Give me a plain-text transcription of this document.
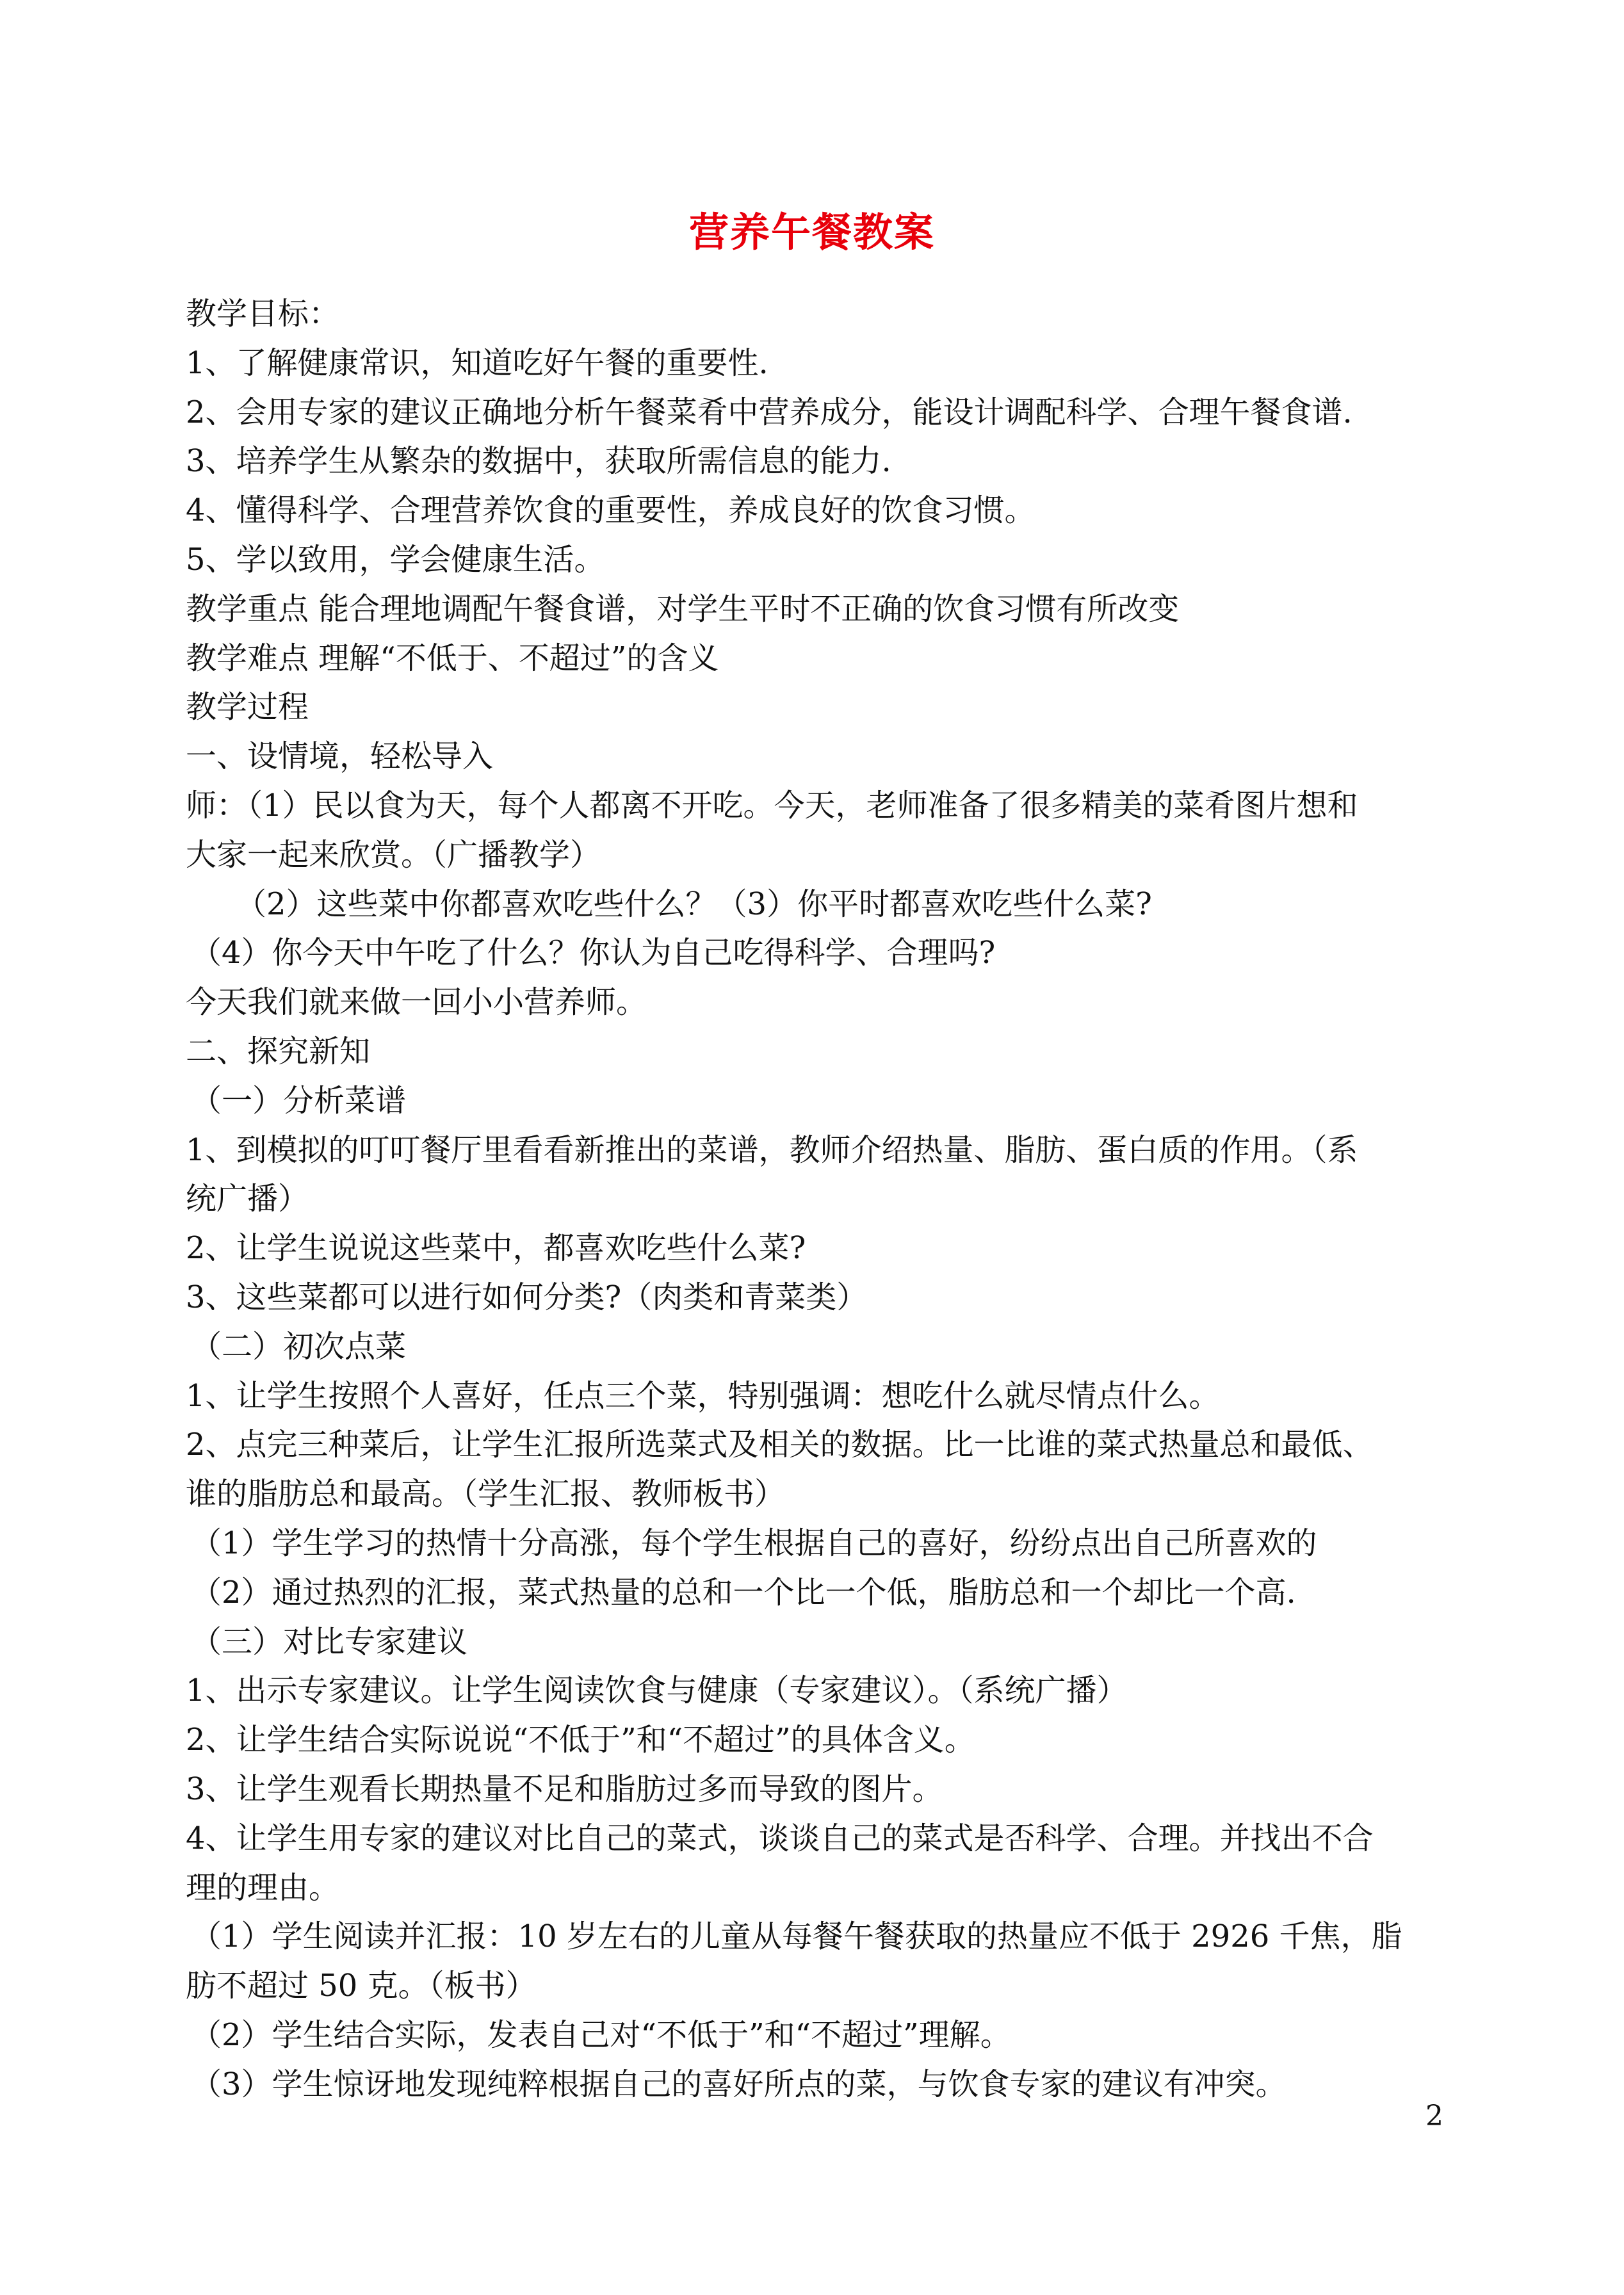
营养午餐教案
教学目标：
1、了解健康常识，知道吃好午餐的重要性.
2、会用专家的建议正确地分析午餐菜肴中营养成分，能设计调配科学、合理午餐食谱.
3、培养学生从繁杂的数据中，获取所需信息的能力.
4、懂得科学、合理营养饮食的重要性，养成良好的饮食习惯。
5、学以致用，学会健康生活。
教学重点 能合理地调配午餐食谱，对学生平时不正确的饮食习惯有所改变
教学难点 理解“不低于、不超过”的含义
教学过程
一、设情境，轻松导入
师：（1）民以食为天，每个人都离不开吃。今天，老师准备了很多精美的菜肴图片想和
大家一起来欣赏。（广播教学）
（2）这些菜中你都喜欢吃些什么？（3）你平时都喜欢吃些什么菜?
（4）你今天中午吃了什么？你认为自己吃得科学、合理吗?
今天我们就来做一回小小营养师。
二、探究新知
（一）分析菜谱
1、到模拟的叮叮餐厅里看看新推出的菜谱，教师介绍热量、脂肪、蛋白质的作用。（系
统广播）
2、让学生说说这些菜中，都喜欢吃些什么菜?
3、这些菜都可以进行如何分类?（肉类和青菜类）
（二）初次点菜
1、让学生按照个人喜好，任点三个菜，特别强调：想吃什么就尽情点什么。
2、点完三种菜后，让学生汇报所选菜式及相关的数据。比一比谁的菜式热量总和最低、
谁的脂肪总和最高。（学生汇报、教师板书）
（1）学生学习的热情十分高涨，每个学生根据自己的喜好，纷纷点出自己所喜欢的
（2）通过热烈的汇报，菜式热量的总和一个比一个低，脂肪总和一个却比一个高.
（三）对比专家建议
1、出示专家建议。让学生阅读饮食与健康（专家建议）。（系统广播）
2、让学生结合实际说说“不低于”和“不超过”的具体含义。
3、让学生观看长期热量不足和脂肪过多而导致的图片。
4、让学生用专家的建议对比自己的菜式，谈谈自己的菜式是否科学、合理。并找出不合
理的理由。
（1）学生阅读并汇报：10 岁左右的儿童从每餐午餐获取的热量应不低于 2926 千焦，脂
肪不超过 50 克。（板书）
（2）学生结合实际，发表自己对“不低于”和“不超过”理解。
（3）学生惊讶地发现纯粹根据自己的喜好所点的菜，与饮食专家的建议有冲突。
2
